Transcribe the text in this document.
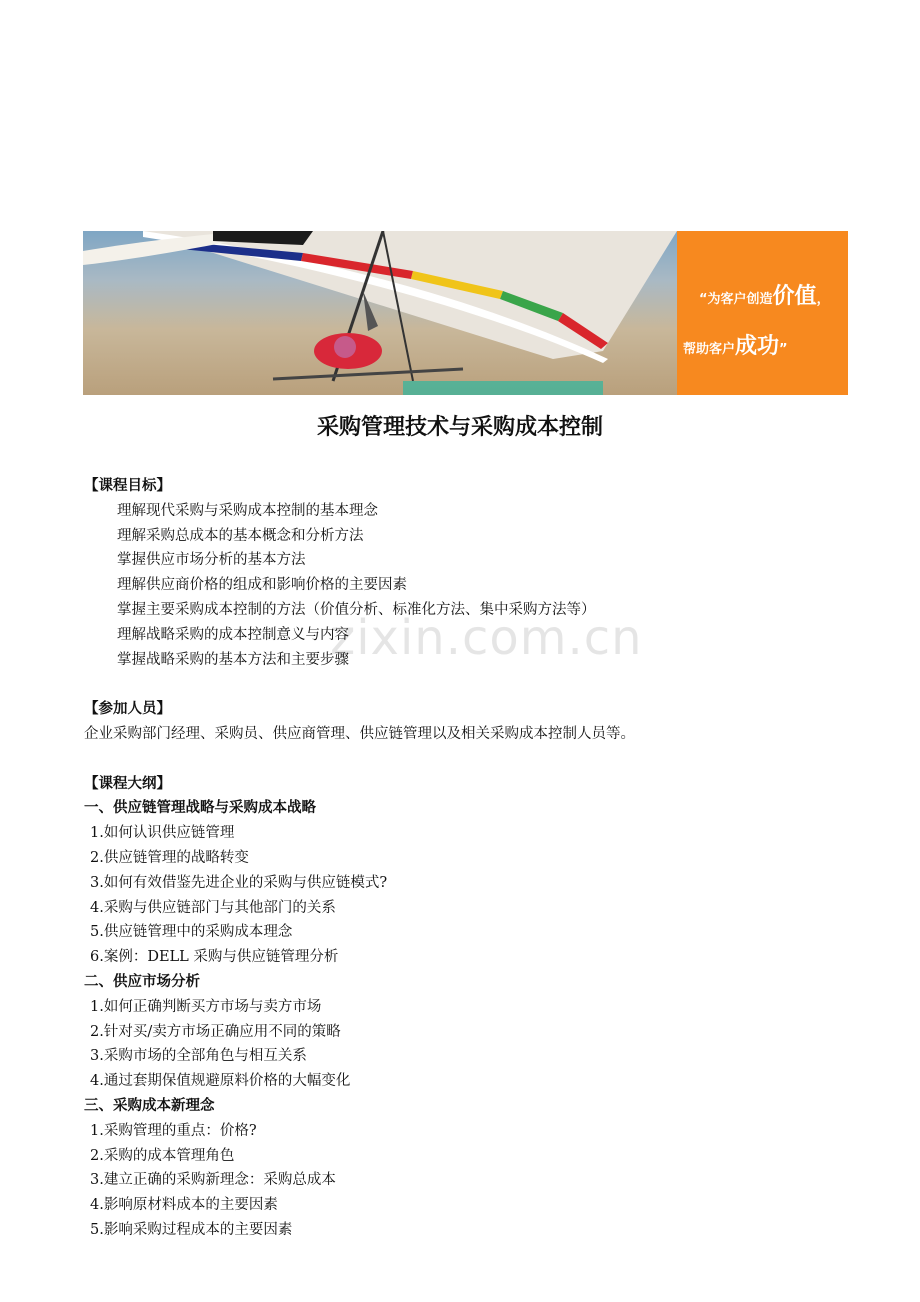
“为客户创造价值，
帮助客户成功”
采购管理技术与采购成本控制
zixin.com.cn
【课程目标】
理解现代采购与采购成本控制的基本理念
理解采购总成本的基本概念和分析方法
掌握供应市场分析的基本方法
理解供应商价格的组成和影响价格的主要因素
掌握主要采购成本控制的方法（价值分析、标准化方法、集中采购方法等）
理解战略采购的成本控制意义与内容
掌握战略采购的基本方法和主要步骤
【参加人员】
企业采购部门经理、采购员、供应商管理、供应链管理以及相关采购成本控制人员等。
【课程大纲】
一、供应链管理战略与采购成本战略
1.如何认识供应链管理
2.供应链管理的战略转变
3.如何有效借鉴先进企业的采购与供应链模式?
4.采购与供应链部门与其他部门的关系
5.供应链管理中的采购成本理念
6.案例：DELL 采购与供应链管理分析
二、供应市场分析
1.如何正确判断买方市场与卖方市场
2.针对买/卖方市场正确应用不同的策略
3.采购市场的全部角色与相互关系
4.通过套期保值规避原料价格的大幅变化
三、采购成本新理念
1.采购管理的重点：价格?
2.采购的成本管理角色
3.建立正确的采购新理念：采购总成本
4.影响原材料成本的主要因素
5.影响采购过程成本的主要因素
